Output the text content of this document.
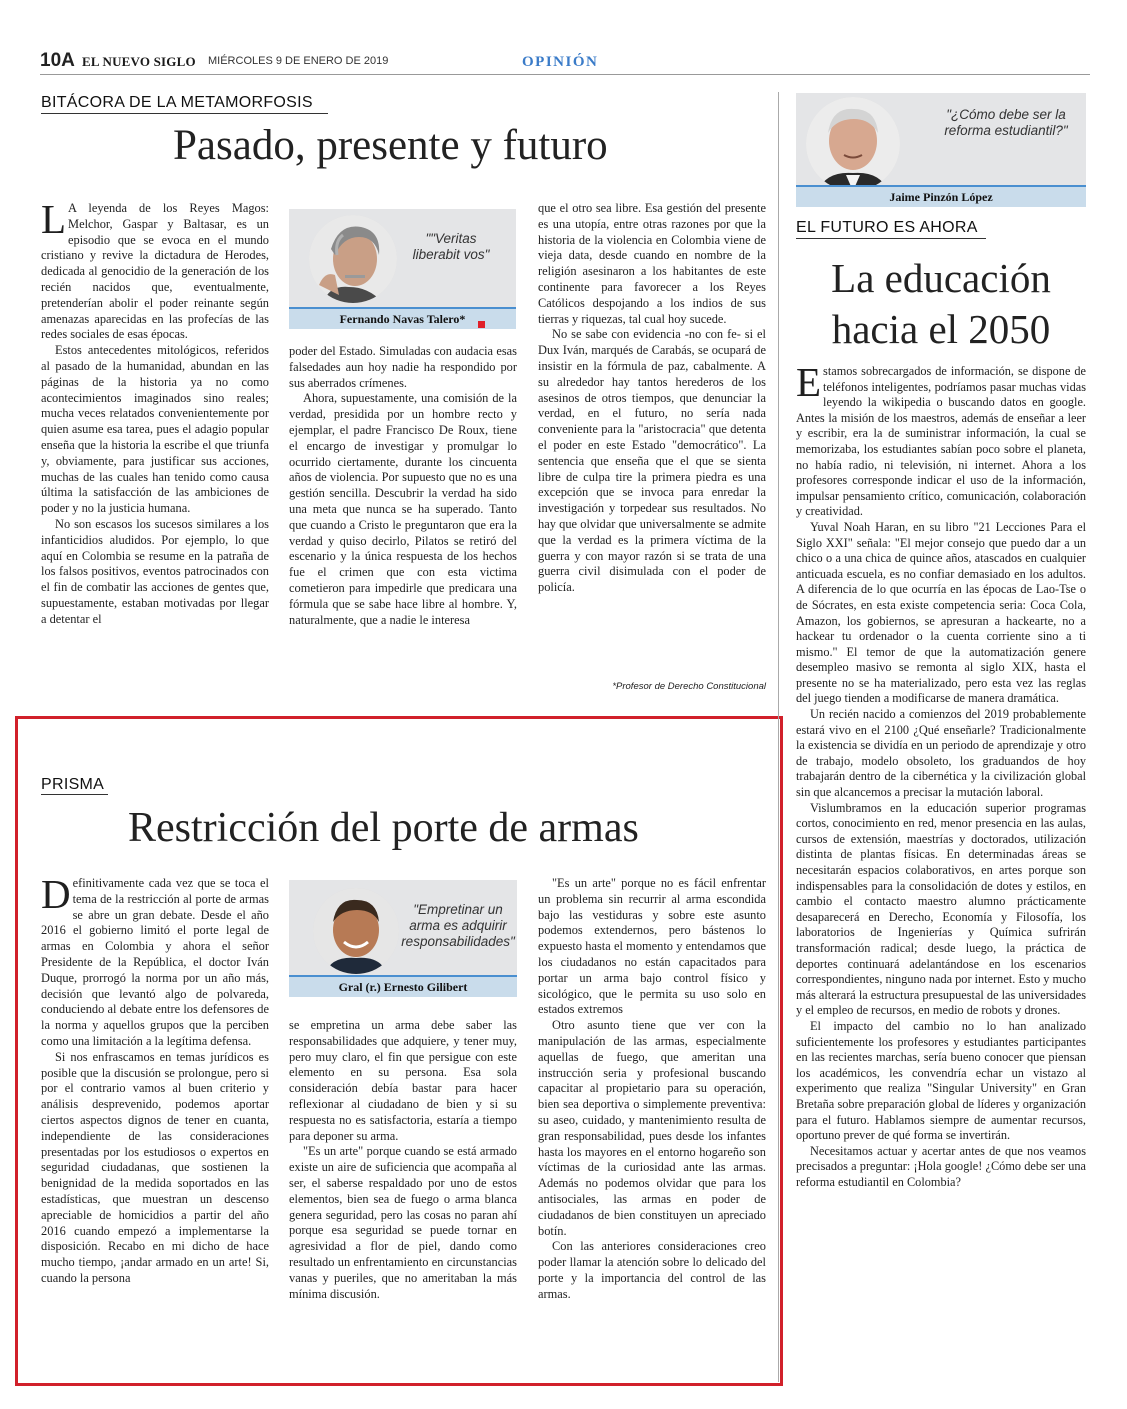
10A EL NUEVO SIGLO MIÉRCOLES 9 DE ENERO DE 2019	OPINIÓN
BITÁCORA DE LA METAMORFOSIS
Pasado, presente y futuro

L A leyenda de los Reyes Magos: Melchor, Gaspar y Baltasar, es un episodio que se evoca en el mundo cristiano y revive la dictadura de Herodes, dedicada al genocidio de la generación de los recién nacidos que, eventualmente, pretenderían abolir el poder reinante según amenazas aparecidas en las profecías de las redes sociales de esas épocas.

Estos antecedentes mitológicos, referidos al pasado de la humanidad, abundan en las páginas de la historia ya no como acontecimientos imaginados sino reales; mucha veces relatados convenientemente por quien asume esa tarea, pues el adagio popular enseña que la historia la escribe el que triunfa y, obviamente, para justificar sus acciones, muchas de las cuales han tenido como causa última la satisfacción de las ambiciones de poder y no la justicia humana.

No son escasos los sucesos similares a los infanticidios aludidos. Por ejemplo, lo que aquí en Colombia se resume en la patraña de los falsos positivos, eventos patrocinados con el fin de combatir las acciones de gentes que, supuestamente, estaban motivadas por llegar a detentar el

""Veritas liberabit vos"
Fernando Navas Talero*

poder del Estado. Simuladas con audacia esas falsedades aun hoy nadie ha respondido por sus aberrados crímenes.

Ahora, supuestamente, una comisión de la verdad, presidida por un hombre recto y ejemplar, el padre Francisco De Roux, tiene el encargo de investigar y promulgar lo ocurrido ciertamente, durante los cincuenta años de violencia. Por supuesto que no es una gestión sencilla. Descubrir la verdad ha sido una meta que nunca se ha superado. Tanto que cuando a Cristo le preguntaron que era la verdad y quiso decirlo, Pilatos se retiró del escenario y la única respuesta de los hechos fue el crimen que con esta victima cometieron para impedirle que predicara una fórmula que se sabe hace libre al hombre. Y, naturalmente, que a nadie le interesa

que el otro sea libre. Esa gestión del presente es una utopía, entre otras razones por que la historia de la violencia en Colombia viene de vieja data, desde cuando en nombre de la religión asesinaron a los habitantes de este continente para favorecer a los Reyes Católicos despojando a los indios de sus tierras y riquezas, tal cual hoy sucede.

No se sabe con evidencia -no con fe- si el Dux Iván, marqués de Carabás, se ocupará de insistir en la fórmula de paz, cabalmente. A su alrededor hay tantos herederos de los asesinos de otros tiempos, que denunciar la verdad, en el futuro, no sería nada conveniente para la "aristocracia" que detenta el poder en este Estado "democrático". La sentencia que enseña que el que se sienta libre de culpa tire la primera piedra es una excepción que se invoca para enredar la investigación y torpedear sus resultados. No hay que olvidar que universalmente se admite que la verdad es la primera víctima de la guerra y con mayor razón si se trata de una guerra civil disimulada con el poder de policía.

*Profesor de Derecho Constitucional
PRISMA
Restricción del porte de armas

Definitivamente cada vez que se toca el tema de la restricción al porte de armas se abre un gran debate. Desde el año 2016 el gobierno limitó el porte legal de armas en Colombia y ahora el señor Presidente de la República, el doctor Iván Duque, prorrogó la norma por un año más, decisión que levantó algo de polvareda, conduciendo al debate entre los defensores de la norma y aquellos grupos que la perciben como una limitación a la legítima defensa.

Si nos enfrascamos en temas jurídicos es posible que la discusión se prolongue, pero si por el contrario vamos al buen criterio y análisis desprevenido, podemos aportar ciertos aspectos dignos de tener en cuanta, independiente de las consideraciones presentadas por los estudiosos o expertos en seguridad ciudadanas, que sostienen la benignidad de la medida soportados en las estadísticas, que muestran un descenso apreciable de homicidios a partir del año 2016 cuando empezó a implementarse la disposición. Recabo en mi dicho de hace mucho tiempo, ¡andar armado en un arte! Si, cuando la persona

"Empretinar un arma es adquirir responsabilidades"
Gral (r.) Ernesto Gilibert

se empretina un arma debe saber las responsabilidades que adquiere, y tener muy, pero muy claro, el fin que persigue con este elemento en su persona. Esa sola consideración debía bastar para hacer reflexionar al ciudadano de bien y si su respuesta no es satisfactoria, estaría a tiempo para deponer su arma.

"Es un arte" porque cuando se está armado existe un aire de suficiencia que acompaña al ser, el saberse respaldado por uno de estos elementos, bien sea de fuego o arma blanca genera seguridad, pero las cosas no paran ahí porque esa seguridad se puede tornar en agresividad a flor de piel, dando como resultado un enfrentamiento en circunstancias vanas y pueriles, que no ameritaban la más mínima discusión.

"Es un arte" porque no es fácil enfrentar un problema sin recurrir al arma escondida bajo las vestiduras y sobre este asunto podemos extendernos, pero bástenos lo expuesto hasta el momento y entendamos que los ciudadanos no están capacitados para portar un arma bajo control físico y sicológico, que le permita su uso solo en estados extremos

Otro asunto tiene que ver con la manipulación de las armas, especialmente aquellas de fuego, que ameritan una instrucción seria y profesional buscando capacitar al propietario para su operación, bien sea deportiva o simplemente preventiva: su aseo, cuidado, y mantenimiento resulta de gran responsabilidad, pues desde los infantes hasta los mayores en el entorno hogareño son víctimas de la curiosidad ante las armas. Además no podemos olvidar que para los antisociales, las armas en poder de ciudadanos de bien constituyen un apreciado botín.

Con las anteriores consideraciones creo poder llamar la atención sobre lo delicado del porte y la importancia del control de las armas.

"¿Cómo debe ser la reforma estudiantil?"
Jaime Pinzón López
EL FUTURO ES AHORA
La educación
hacia el 2050

Estamos sobrecargados de información, se dispone de teléfonos inteligentes, podríamos pasar muchas vidas leyendo la wikipedia o buscando datos en google. Antes la misión de los maestros, además de enseñar a leer y escribir, era la de suministrar información, la cual se memorizaba, los estudiantes sabían poco sobre el planeta, no había radio, ni televisión, ni internet. Ahora a los profesores corresponde indicar el uso de la información, impulsar pensamiento crítico, comunicación, colaboración y creatividad.

Yuval Noah Haran, en su libro "21 Lecciones Para el Siglo XXI" señala: "El mejor consejo que puedo dar a un chico o a una chica de quince años, atascados en cualquier anticuada escuela, es no confiar demasiado en los adultos. A diferencia de lo que ocurría en las épocas de Lao-Tse o de Sócrates, en esta existe competencia seria: Coca Cola, Amazon, los gobiernos, se apresuran a hackearte, no a hackear tu ordenador o la cuenta corriente sino a ti mismo." El temor de que la automatización genere desempleo masivo se remonta al siglo XIX, hasta el presente no se ha materializado, pero esta vez las reglas del juego tienden a modificarse de manera dramática.

Un recién nacido a comienzos del 2019 probablemente estará vivo en el 2100 ¿Qué enseñarle? Tradicionalmente la existencia se dividía en un periodo de aprendizaje y otro de trabajo, modelo obsoleto, los graduandos de hoy trabajarán dentro de la cibernética y la civilización global sin que alcancemos a precisar la mutación laboral.

Vislumbramos en la educación superior programas cortos, conocimiento en red, menor presencia en las aulas, cursos de extensión, maestrías y doctorados, utilización distinta de plantas físicas. En determinadas áreas se necesitarán espacios colaborativos, en artes porque son indispensables para la consolidación de dotes y estilos, en cambio el contacto maestro alumno prácticamente desaparecerá en Derecho, Economía y Filosofía, los laboratorios de Ingenierías y Química sufrirán transformación radical; desde luego, la práctica de deportes continuará adelantándose en los escenarios correspondientes, ninguno nada por internet. Esto y mucho más alterará la estructura presupuestal de las universidades y el empleo de recursos, en medio de robots y drones.

El impacto del cambio no lo han analizado suficientemente los profesores y estudiantes participantes en las recientes marchas, sería bueno conocer que piensan los académicos, les convendría echar un vistazo al experimento que realiza "Singular University" en Gran Bretaña sobre preparación global de líderes y organización para el futuro. Hablamos siempre de aumentar recursos, oportuno prever de qué forma se invertirán.

Necesitamos actuar y acertar antes de que nos veamos precisados a preguntar: ¡Hola google! ¿Cómo debe ser una reforma estudiantil en Colombia?
